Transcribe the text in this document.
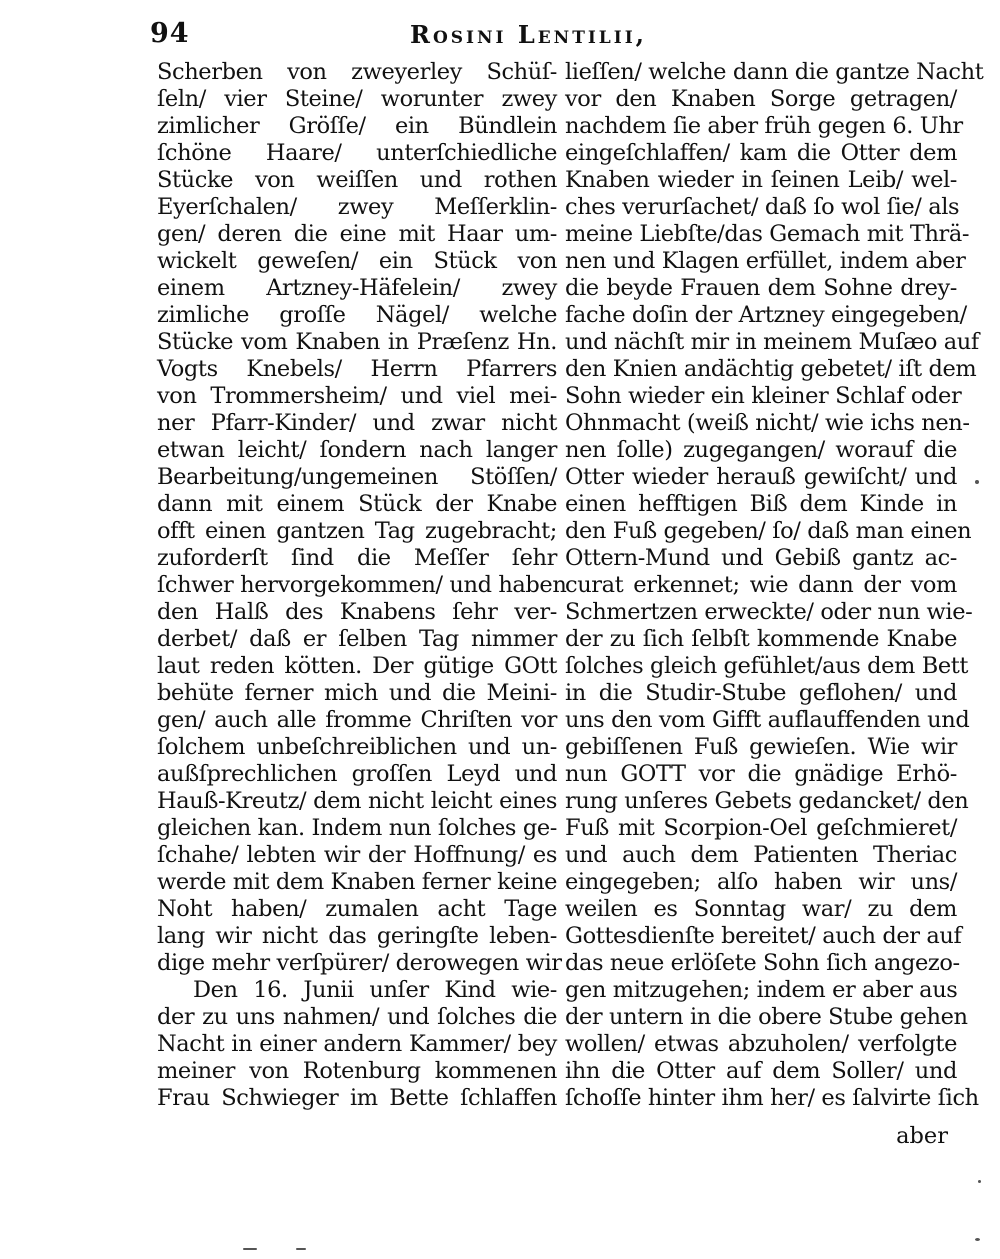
94	Rosini Lentilii,
Scherben von zweyerley Schüſ-
ſeln/ vier Steine/ worunter zwey
zimlicher Gröſſe/ ein Bündlein
ſchöne Haare/ unterſchiedliche
Stücke von weiſſen und rothen
Eyerſchalen/ zwey Meſſerklin-
gen/ deren die eine mit Haar um-
wickelt geweſen/ ein Stück von
einem Artzney-Häfelein/ zwey
zimliche groſſe Nägel/ welche
Stücke vom Knaben in Præſenz Hn.
Vogts Knebels/ Herrn Pfarrers
von Trommersheim/ und viel mei-
ner Pfarr-Kinder/ und zwar nicht
etwan leicht/ ſondern nach langer
Bearbeitung/ungemeinen Stöſſen/
dann mit einem Stück der Knabe
offt einen gantzen Tag zugebracht;
zuforderſt ſind die Meſſer ſehr
ſchwer hervorgekommen/ und haben
den Halß des Knabens ſehr ver-
derbet/ daß er ſelben Tag nimmer
laut reden kötten. Der gütige GOtt
behüte ferner mich und die Meini-
gen/ auch alle fromme Chriſten vor
ſolchem unbeſchreiblichen und un-
außſprechlichen groſſen Leyd und
Hauß-Kreutz/ dem nicht leicht eines
gleichen kan. Indem nun ſolches ge-
ſchahe/ lebten wir der Hoffnung/ es
werde mit dem Knaben ferner keine
Noht haben/ zumalen acht Tage
lang wir nicht das geringſte leben-
dige mehr verſpürer/ derowegen wir
Den 16. Junii unſer Kind wie-
der zu uns nahmen/ und ſolches die
Nacht in einer andern Kammer/ bey
meiner von Rotenburg kommenen
Frau Schwieger im Bette ſchlaffen
lieſſen/ welche dann die gantze Nacht
vor den Knaben Sorge getragen/
nachdem ſie aber früh gegen 6. Uhr
eingeſchlaffen/ kam die Otter dem
Knaben wieder in ſeinen Leib/ wel-
ches verurſachet/ daß ſo wol ſie/ als
meine Liebſte/das Gemach mit Thrä-
nen und Klagen erfüllet, indem aber
die beyde Frauen dem Sohne drey-
fache doſin der Artzney eingegeben/
und nächſt mir in meinem Muſæo auf
den Knien andächtig gebetet/ iſt dem
Sohn wieder ein kleiner Schlaf oder
Ohnmacht (weiß nicht/ wie ichs nen-
nen ſolle) zugegangen/ worauf die
Otter wieder herauß gewiſcht/ und
einen hefftigen Biß dem Kinde in
den Fuß gegeben/ ſo/ daß man einen
Ottern-Mund und Gebiß gantz ac-
curat erkennet; wie dann der vom
Schmertzen erweckte/ oder nun wie-
der zu ſich ſelbſt kommende Knabe
ſolches gleich gefühlet/aus dem Bett
in die Studir-Stube geflohen/ und
uns den vom Gifft auflauffenden und
gebiſſenen Fuß gewieſen. Wie wir
nun GOTT vor die gnädige Erhö-
rung unſeres Gebets gedancket/ den
Fuß mit Scorpion-Oel geſchmieret/
und auch dem Patienten Theriac
eingegeben; alſo haben wir uns/
weilen es Sonntag war/ zu dem
Gottesdienſte bereitet/ auch der auf
das neue erlöſete Sohn ſich angezo-
gen mitzugehen; indem er aber aus
der untern in die obere Stube gehen
wollen/ etwas abzuholen/ verfolgte
ihn die Otter auf dem Soller/ und
ſchoſſe hinter ihm her/ es ſalvirte ſich
aber
